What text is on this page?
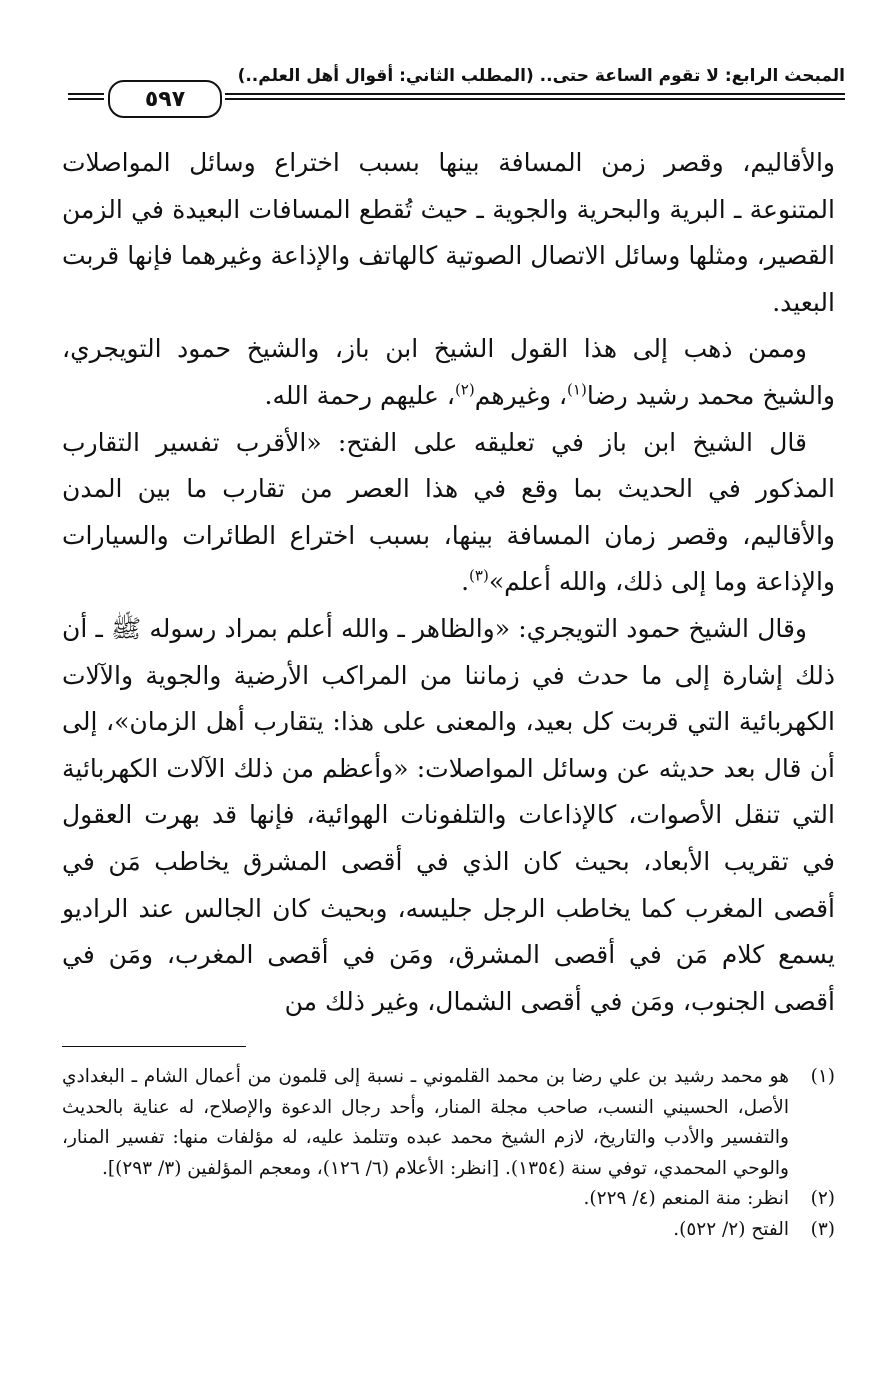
المبحث الرابع: لا تقوم الساعة حتى.. (المطلب الثاني: أقوال أهل العلم..)
٥٩٧

والأقاليم، وقصر زمن المسافة بينها بسبب اختراع وسائل المواصلات المتنوعة ـ البرية والبحرية والجوية ـ حيث تُقطع المسافات البعيدة في الزمن القصير، ومثلها وسائل الاتصال الصوتية كالهاتف والإذاعة وغيرهما فإنها قربت البعيد.

وممن ذهب إلى هذا القول الشيخ ابن باز، والشيخ حمود التويجري، والشيخ محمد رشيد رضا$^{(١)}$، وغيرهم$^{(٢)}$، عليهم رحمة الله.

قال الشيخ ابن باز في تعليقه على الفتح: «الأقرب تفسير التقارب المذكور في الحديث بما وقع في هذا العصر من تقارب ما بين المدن والأقاليم، وقصر زمان المسافة بينها، بسبب اختراع الطائرات والسيارات والإذاعة وما إلى ذلك، والله أعلم»$^{(٣)}$.

وقال الشيخ حمود التويجري: «والظاهر ـ والله أعلم بمراد رسوله ﷺ ـ أن ذلك إشارة إلى ما حدث في زماننا من المراكب الأرضية والجوية والآلات الكهربائية التي قربت كل بعيد، والمعنى على هذا: يتقارب أهل الزمان»، إلى أن قال بعد حديثه عن وسائل المواصلات: «وأعظم من ذلك الآلات الكهربائية التي تنقل الأصوات، كالإذاعات والتلفونات الهوائية، فإنها قد بهرت العقول في تقريب الأبعاد، بحيث كان الذي في أقصى المشرق يخاطب مَن في أقصى المغرب كما يخاطب الرجل جليسه، وبحيث كان الجالس عند الراديو يسمع كلام مَن في أقصى المشرق، ومَن في أقصى المغرب، ومَن في أقصى الجنوب، ومَن في أقصى الشمال، وغير ذلك من

(١)
هو محمد رشيد بن علي رضا بن محمد القلموني ـ نسبة إلى قلمون من أعمال الشام ـ البغدادي الأصل، الحسيني النسب، صاحب مجلة المنار، وأحد رجال الدعوة والإصلاح، له عناية بالحديث والتفسير والأدب والتاريخ، لازم الشيخ محمد عبده وتتلمذ عليه، له مؤلفات منها: تفسير المنار، والوحي المحمدي، توفي سنة (١٣٥٤). [انظر: الأعلام (٦/ ١٢٦)، ومعجم المؤلفين (٣/ ٢٩٣)].
(٢)
انظر: منة المنعم (٤/ ٢٢٩).
(٣)
الفتح (٢/ ٥٢٢).
